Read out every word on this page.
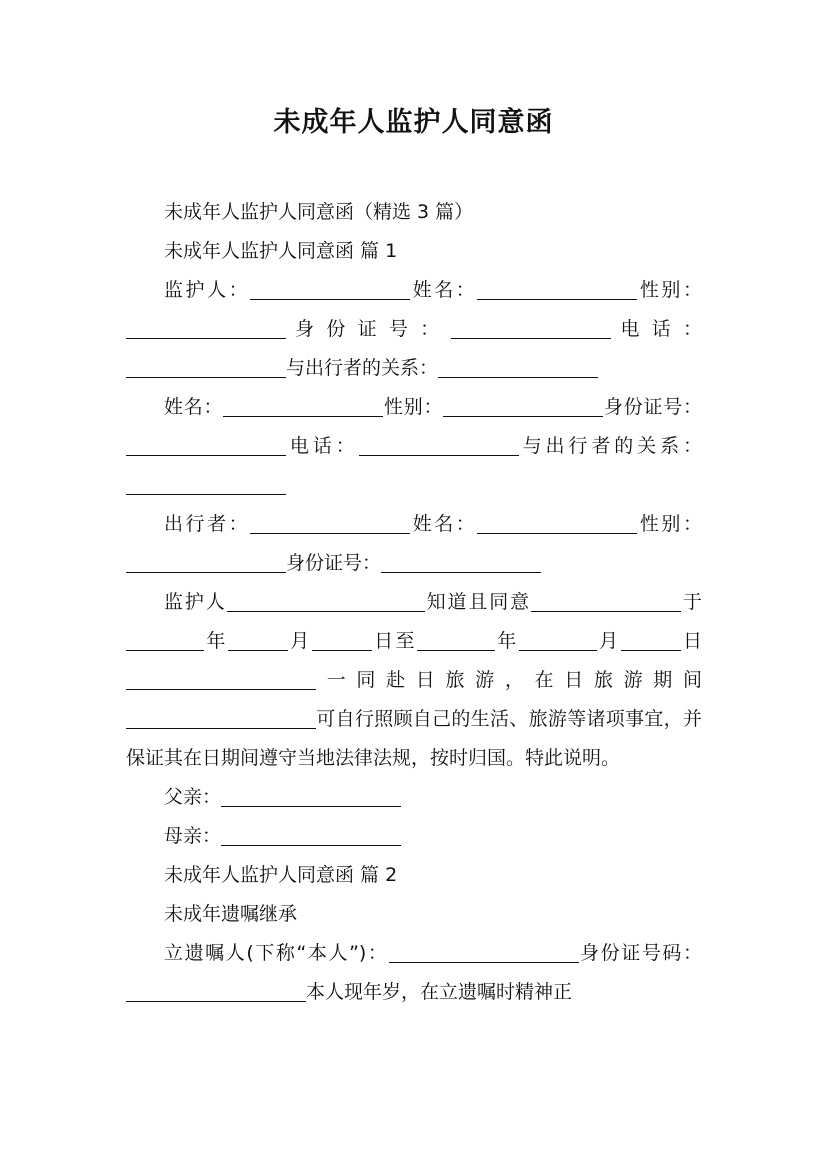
未成年人监护人同意函

未成年人监护人同意函（精选 3 篇）

未成年人监护人同意函 篇 1

监护人：	姓名：	性别： 身 份 证 号 ：	电 话 ：与出行者的关系：

姓名：	性别：	身份证号：电话：	与出行者的关系：

出行者：	姓名：	性别：身份证号：

监护人	知道且同意	于年	月	日至	年	月	日一同赴日旅游，在日旅游期间可自行照顾自己的生活、旅游等诸项事宜，并保证其在日期间遵守当地法律法规，按时归国。特此说明。

父亲：

母亲：

未成年人监护人同意函 篇 2

未成年遗嘱继承

立遗嘱人(下称“本人”)：	身份证号码：本人现年岁，在立遗嘱时精神正
